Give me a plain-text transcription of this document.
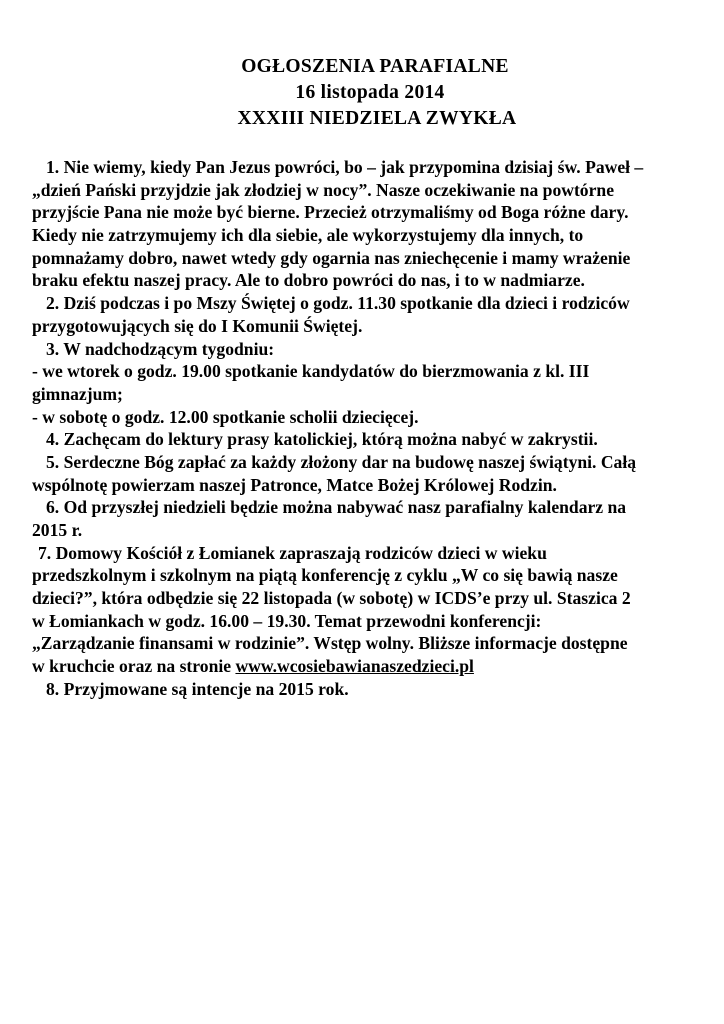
OGŁOSZENIA PARAFIALNE
16 listopada 2014
XXXIII NIEDZIELA ZWYKŁA
1. Nie wiemy, kiedy Pan Jezus powróci, bo – jak przypomina dzisiaj św. Paweł –
„dzień Pański przyjdzie jak złodziej w nocy”. Nasze oczekiwanie na powtórne
przyjście Pana nie może być bierne. Przecież otrzymaliśmy od Boga różne dary.
Kiedy nie zatrzymujemy ich dla siebie, ale wykorzystujemy dla innych, to
pomnażamy dobro, nawet wtedy gdy ogarnia nas zniechęcenie i mamy wrażenie
braku efektu naszej pracy. Ale to dobro powróci do nas, i to w nadmiarze.
2. Dziś podczas i po Mszy Świętej o godz. 11.30 spotkanie dla dzieci i rodziców
przygotowujących się do I Komunii Świętej.
3. W nadchodzącym tygodniu:
- we wtorek o godz. 19.00 spotkanie kandydatów do bierzmowania z kl. III
gimnazjum;
- w sobotę o godz. 12.00 spotkanie scholii dziecięcej.
4. Zachęcam do lektury prasy katolickiej, którą można nabyć w zakrystii.
5. Serdeczne Bóg zapłać za każdy złożony dar na budowę naszej świątyni. Całą
wspólnotę powierzam naszej Patronce, Matce Bożej Królowej Rodzin.
6. Od przyszłej niedzieli będzie można nabywać nasz parafialny kalendarz na
2015 r.
7. Domowy Kościół z Łomianek zapraszają rodziców dzieci w wieku
przedszkolnym i szkolnym na piątą konferencję z cyklu „W co się bawią nasze
dzieci?”, która odbędzie się 22 listopada (w sobotę) w ICDS’e przy ul. Staszica 2
w Łomiankach w godz. 16.00 – 19.30. Temat przewodni konferencji:
„Zarządzanie finansami w rodzinie”. Wstęp wolny. Bliższe informacje dostępne
w kruchcie oraz na stronie www.wcosiebawianaszedzieci.pl
8. Przyjmowane są intencje na 2015 rok.
